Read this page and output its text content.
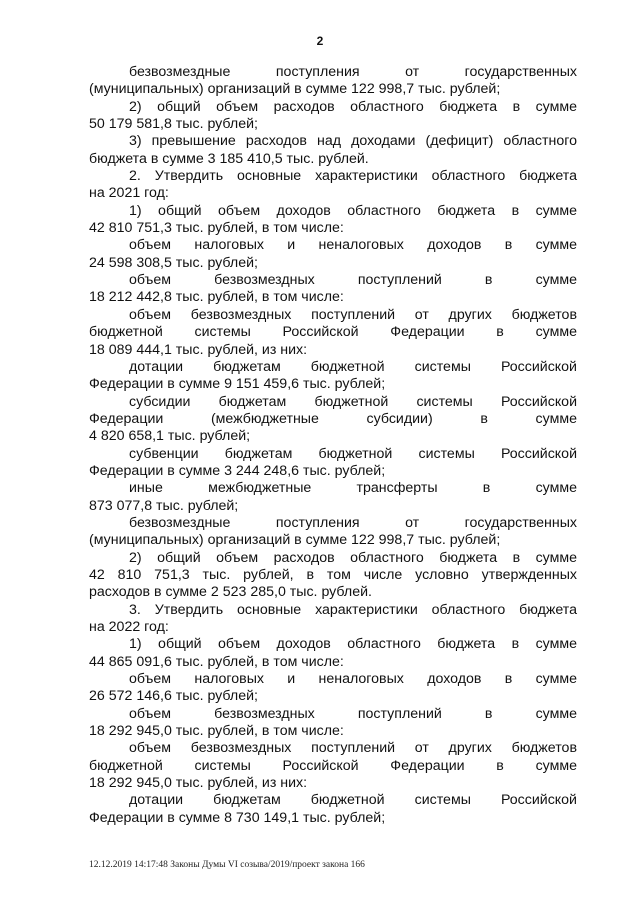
2
безвозмездные поступления от государственных
(муниципальных) организаций в сумме 122 998,7 тыс. рублей;
2) общий объем расходов областного бюджета в сумме
50 179 581,8 тыс. рублей;
3) превышение расходов над доходами (дефицит) областного
бюджета в сумме 3 185 410,5 тыс. рублей.
2. Утвердить основные характеристики областного бюджета
на 2021 год:
1) общий объем доходов областного бюджета в сумме
42 810 751,3 тыс. рублей, в том числе:
объем налоговых и неналоговых доходов в сумме
24 598 308,5 тыс. рублей;
объем безвозмездных поступлений в сумме
18 212 442,8 тыс. рублей, в том числе:
объем безвозмездных поступлений от других бюджетов
бюджетной системы Российской Федерации в сумме
18 089 444,1 тыс. рублей, из них:
дотации бюджетам бюджетной системы Российской
Федерации в сумме 9 151 459,6 тыс. рублей;
субсидии бюджетам бюджетной системы Российской
Федерации (межбюджетные субсидии) в сумме
4 820 658,1 тыс. рублей;
субвенции бюджетам бюджетной системы Российской
Федерации в сумме 3 244 248,6 тыс. рублей;
иные межбюджетные трансферты в сумме
873 077,8 тыс. рублей;
безвозмездные поступления от государственных
(муниципальных) организаций в сумме 122 998,7 тыс. рублей;
2) общий объем расходов областного бюджета в сумме
42 810 751,3 тыс. рублей, в том числе условно утвержденных
расходов в сумме 2 523 285,0 тыс. рублей.
3. Утвердить основные характеристики областного бюджета
на 2022 год:
1) общий объем доходов областного бюджета в сумме
44 865 091,6 тыс. рублей, в том числе:
объем налоговых и неналоговых доходов в сумме
26 572 146,6 тыс. рублей;
объем безвозмездных поступлений в сумме
18 292 945,0 тыс. рублей, в том числе:
объем безвозмездных поступлений от других бюджетов
бюджетной системы Российской Федерации в сумме
18 292 945,0 тыс. рублей, из них:
дотации бюджетам бюджетной системы Российской
Федерации в сумме 8 730 149,1 тыс. рублей;
12.12.2019 14:17:48 Законы Думы VI созыва/2019/проект закона 166
